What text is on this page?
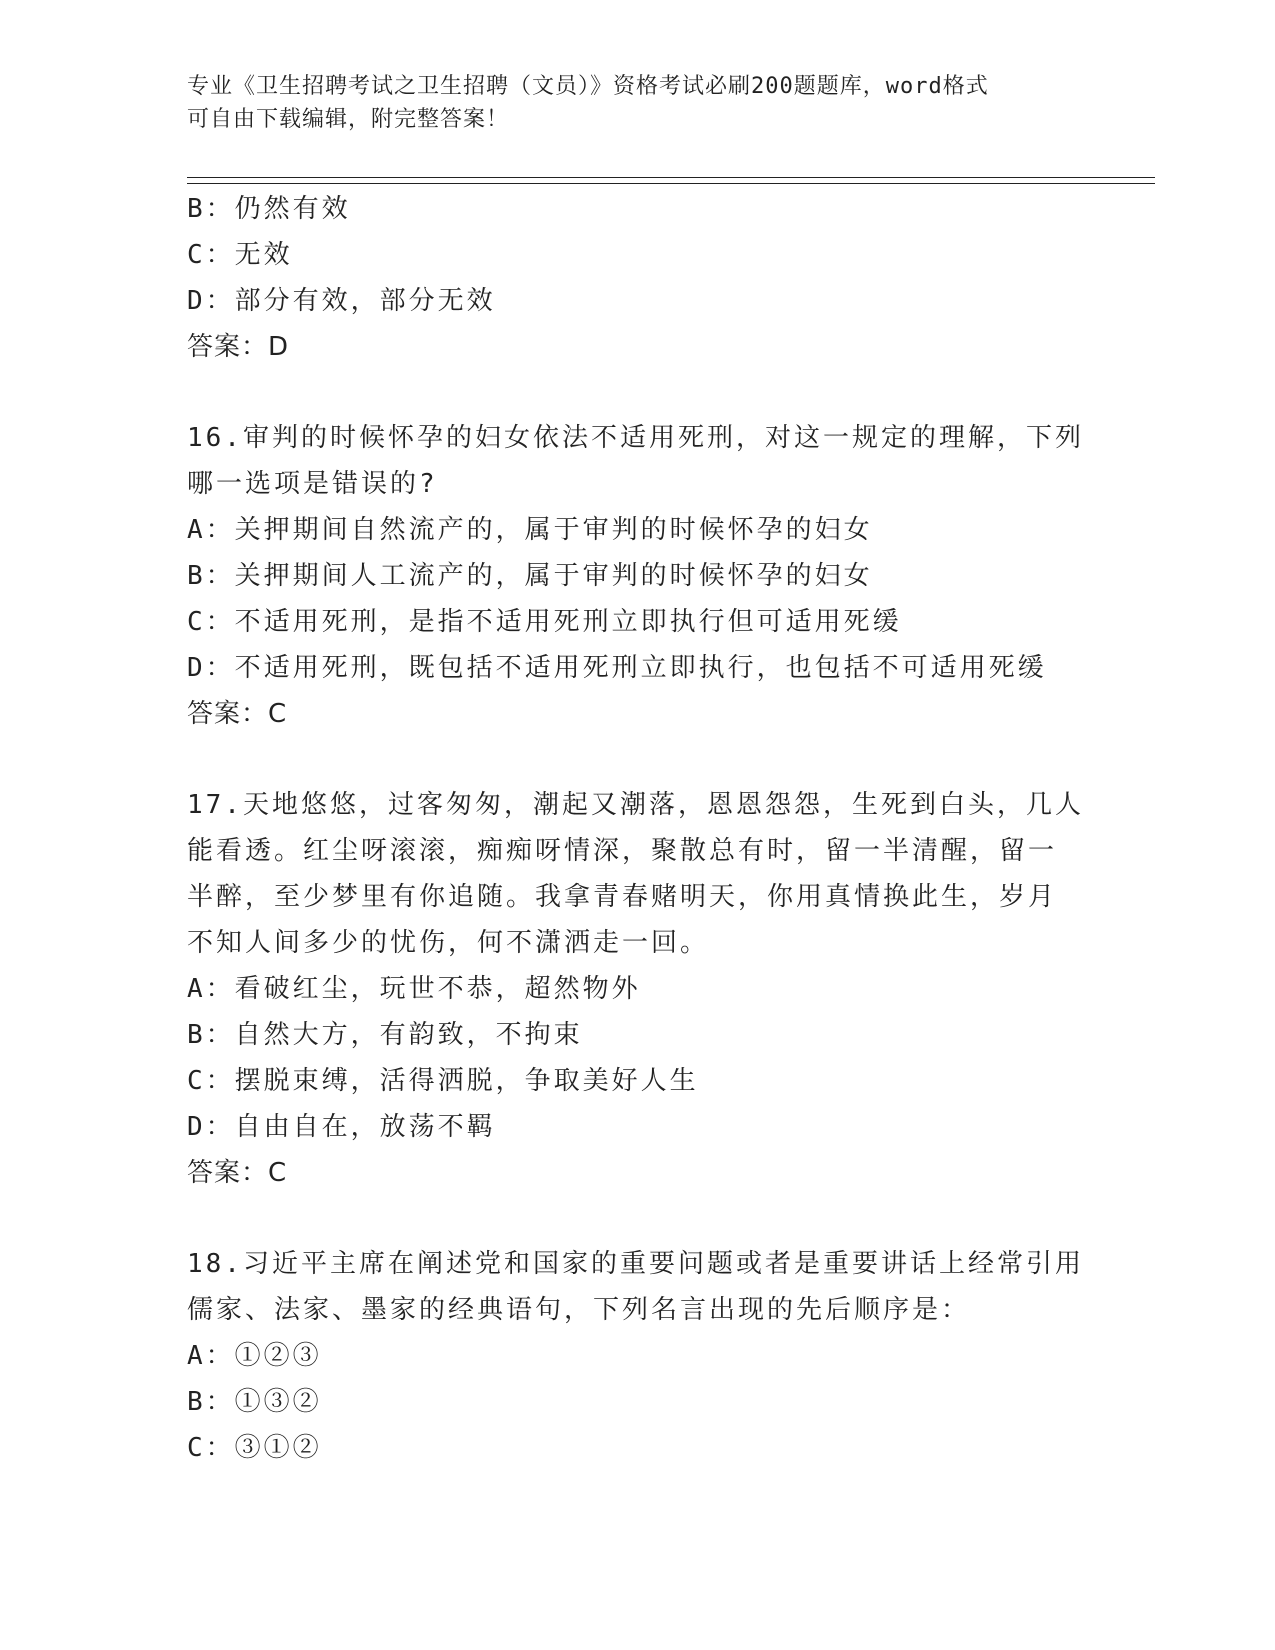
专业《卫生招聘考试之卫生招聘（文员）》资格考试必刷200题题库，word格式
可自由下载编辑，附完整答案！
B：仍然有效
C：无效
D：部分有效，部分无效
答案：D
16.审判的时候怀孕的妇女依法不适用死刑，对这一规定的理解，下列
哪一选项是错误的?
A：关押期间自然流产的，属于审判的时候怀孕的妇女
B：关押期间人工流产的，属于审判的时候怀孕的妇女
C：不适用死刑，是指不适用死刑立即执行但可适用死缓
D：不适用死刑，既包括不适用死刑立即执行，也包括不可适用死缓
答案：C
17.天地悠悠，过客匆匆，潮起又潮落，恩恩怨怨，生死到白头，几人
能看透。红尘呀滚滚，痴痴呀情深，聚散总有时，留一半清醒，留一
半醉，至少梦里有你追随。我拿青春赌明天，你用真情换此生，岁月
不知人间多少的忧伤，何不潇洒走一回。
A：看破红尘，玩世不恭，超然物外
B：自然大方，有韵致，不拘束
C：摆脱束缚，活得洒脱，争取美好人生
D：自由自在，放荡不羁
答案：C
18.习近平主席在阐述党和国家的重要问题或者是重要讲话上经常引用
儒家、法家、墨家的经典语句，下列名言出现的先后顺序是：
A：①②③
B：①③②
C：③①②
